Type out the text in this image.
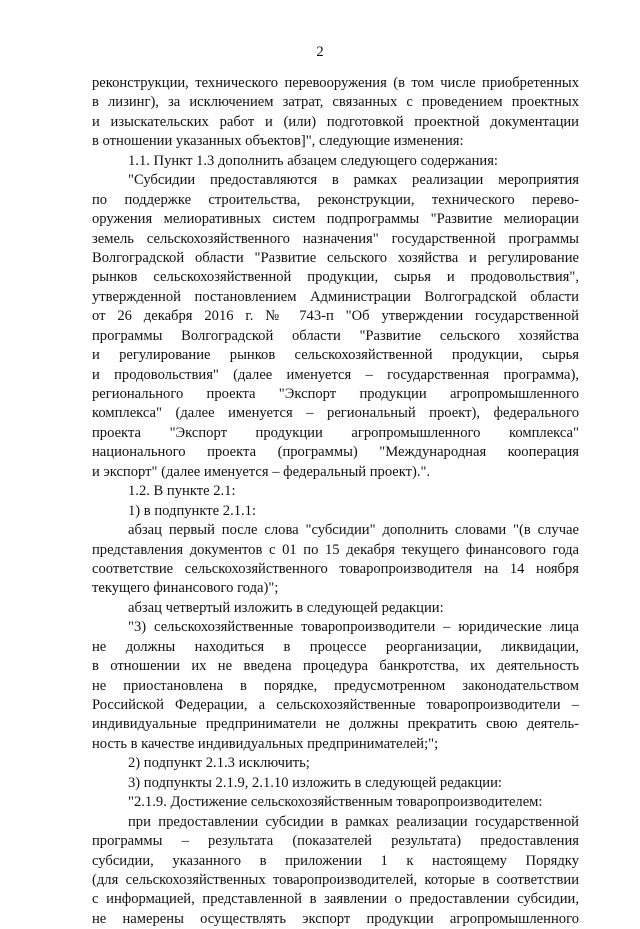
2
реконструкции, технического перевооружения (в том числе приобретенных
в лизинг), за исключением затрат, связанных с проведением проектных
и изыскательских работ и (или) подготовкой проектной документации
в отношении указанных объектов]", следующие изменения:
1.1. Пункт 1.3 дополнить абзацем следующего содержания:
"Субсидии предоставляются в рамках реализации мероприятия
по поддержке строительства, реконструкции, технического перево-
оружения мелиоративных систем подпрограммы "Развитие мелиорации
земель сельскохозяйственного назначения" государственной программы
Волгоградской области "Развитие сельского хозяйства и регулирование
рынков сельскохозяйственной продукции, сырья и продовольствия",
утвержденной постановлением Администрации Волгоградской области
от 26 декабря 2016 г. № 743-п "Об утверждении государственной
программы Волгоградской области "Развитие сельского хозяйства
и регулирование рынков сельскохозяйственной продукции, сырья
и продовольствия" (далее именуется – государственная программа),
регионального проекта "Экспорт продукции агропромышленного
комплекса" (далее именуется – региональный проект), федерального
проекта "Экспорт продукции агропромышленного комплекса"
национального проекта (программы) "Международная кооперация
и экспорт" (далее именуется – федеральный проект).".
1.2. В пункте 2.1:
1) в подпункте 2.1.1:
абзац первый после слова "субсидии" дополнить словами "(в случае
представления документов с 01 по 15 декабря текущего финансового года
соответствие сельскохозяйственного товаропроизводителя на 14 ноября
текущего финансового года)";
абзац четвертый изложить в следующей редакции:
"3) сельскохозяйственные товаропроизводители – юридические лица
не должны находиться в процессе реорганизации, ликвидации,
в отношении их не введена процедура банкротства, их деятельность
не приостановлена в порядке, предусмотренном законодательством
Российской Федерации, а сельскохозяйственные товаропроизводители –
индивидуальные предприниматели не должны прекратить свою деятель-
ность в качестве индивидуальных предпринимателей;";
2) подпункт 2.1.3 исключить;
3) подпункты 2.1.9, 2.1.10 изложить в следующей редакции:
"2.1.9. Достижение сельскохозяйственным товаропроизводителем:
при предоставлении субсидии в рамках реализации государственной
программы – результата (показателей результата) предоставления
субсидии, указанного в приложении 1 к настоящему Порядку
(для сельскохозяйственных товаропроизводителей, которые в соответствии
с информацией, представленной в заявлении о предоставлении субсидии,
не намерены осуществлять экспорт продукции агропромышленного
